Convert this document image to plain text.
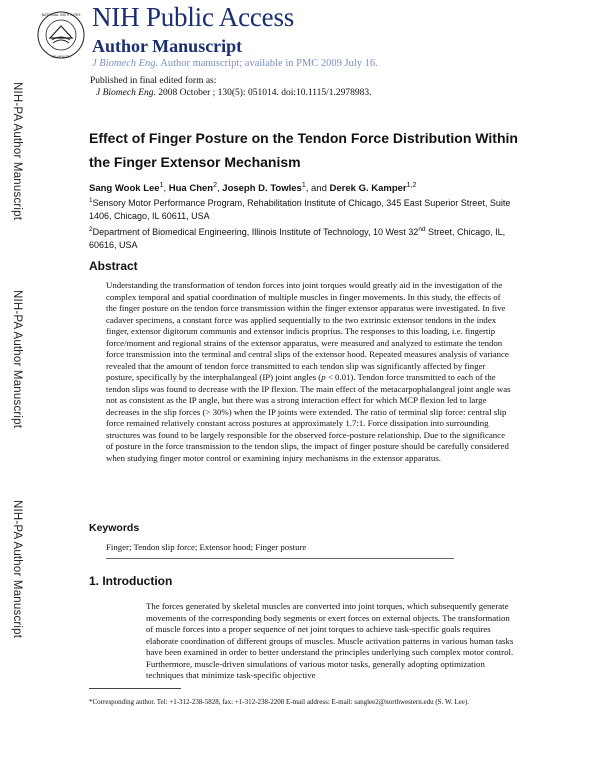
NATIONAL INSTITUTES
OF HEALTH
NIH Public Access
Author Manuscript
J Biomech Eng. Author manuscript; available in PMC 2009 July 16.
Published in final edited form as:
J Biomech Eng. 2008 October ; 130(5): 051014. doi:10.1115/1.2978983.
NIH-PA Author Manuscript
NIH-PA Author Manuscript
NIH-PA Author Manuscript
Effect of Finger Posture on the Tendon Force Distribution Within the Finger Extensor Mechanism
Sang Wook Lee$^1$, Hua Chen$^2$, Joseph D. Towles$^1$, and Derek G. Kamper$^{1,2}$
$^1$Sensory Motor Performance Program, Rehabilitation Institute of Chicago, 345 East Superior Street, Suite 1406, Chicago, IL 60611, USA
$^2$Department of Biomedical Engineering, Illinois Institute of Technology, 10 West 32nd Street, Chicago, IL, 60616, USA
Abstract
Understanding the transformation of tendon forces into joint torques would greatly aid in the investigation of the complex temporal and spatial coordination of multiple muscles in finger movements. In this study, the effects of the finger posture on the tendon force transmission within the finger extensor apparatus were investigated. In five cadaver specimens, a constant force was applied sequentially to the two extrinsic extensor tendons in the index finger, extensor digitorum communis and extensor indicis proprius. The responses to this loading, i.e. fingertip force/moment and regional strains of the extensor apparatus, were measured and analyzed to estimate the tendon force transmission into the terminal and central slips of the extensor hood. Repeated measures analysis of variance revealed that the amount of tendon force transmitted to each tendon slip was significantly affected by finger posture, specifically by the interphalangeal (IP) joint angles (p < 0.01). Tendon force transmitted to each of the tendon slips was found to decrease with the IP flexion. The main effect of the metacarpophalangeal joint angle was not as consistent as the IP angle, but there was a strong interaction effect for which MCP flexion led to large decreases in the slip forces (> 30%) when the IP joints were extended. The ratio of terminal slip force: central slip force remained relatively constant across postures at approximately 1.7:1. Force dissipation into surrounding structures was found to be largely responsible for the observed force-posture relationship. Due to the significance of posture in the force transmission to the tendon slips, the impact of finger posture should be carefully considered when studying finger motor control or examining injury mechanisms in the extensor apparatus.
Keywords
Finger; Tendon slip force; Extensor hood; Finger posture
1. Introduction
The forces generated by skeletal muscles are converted into joint torques, which subsequently generate movements of the corresponding body segments or exert forces on external objects. The transformation of muscle forces into a proper sequence of net joint torques to achieve task-specific goals requires elaborate coordination of different groups of muscles. Muscle activation patterns in various human tasks have been examined in order to better understand the principles underlying such complex motor control. Furthermore, muscle-driven simulations of various motor tasks, generally adopting optimization techniques that minimize task-specific objective
*Corresponding author. Tel: +1-312-238-5828, fax: +1-312-238-2208 E-mail address: E-mail: sanglee2@northwestern.edu (S. W. Lee).
